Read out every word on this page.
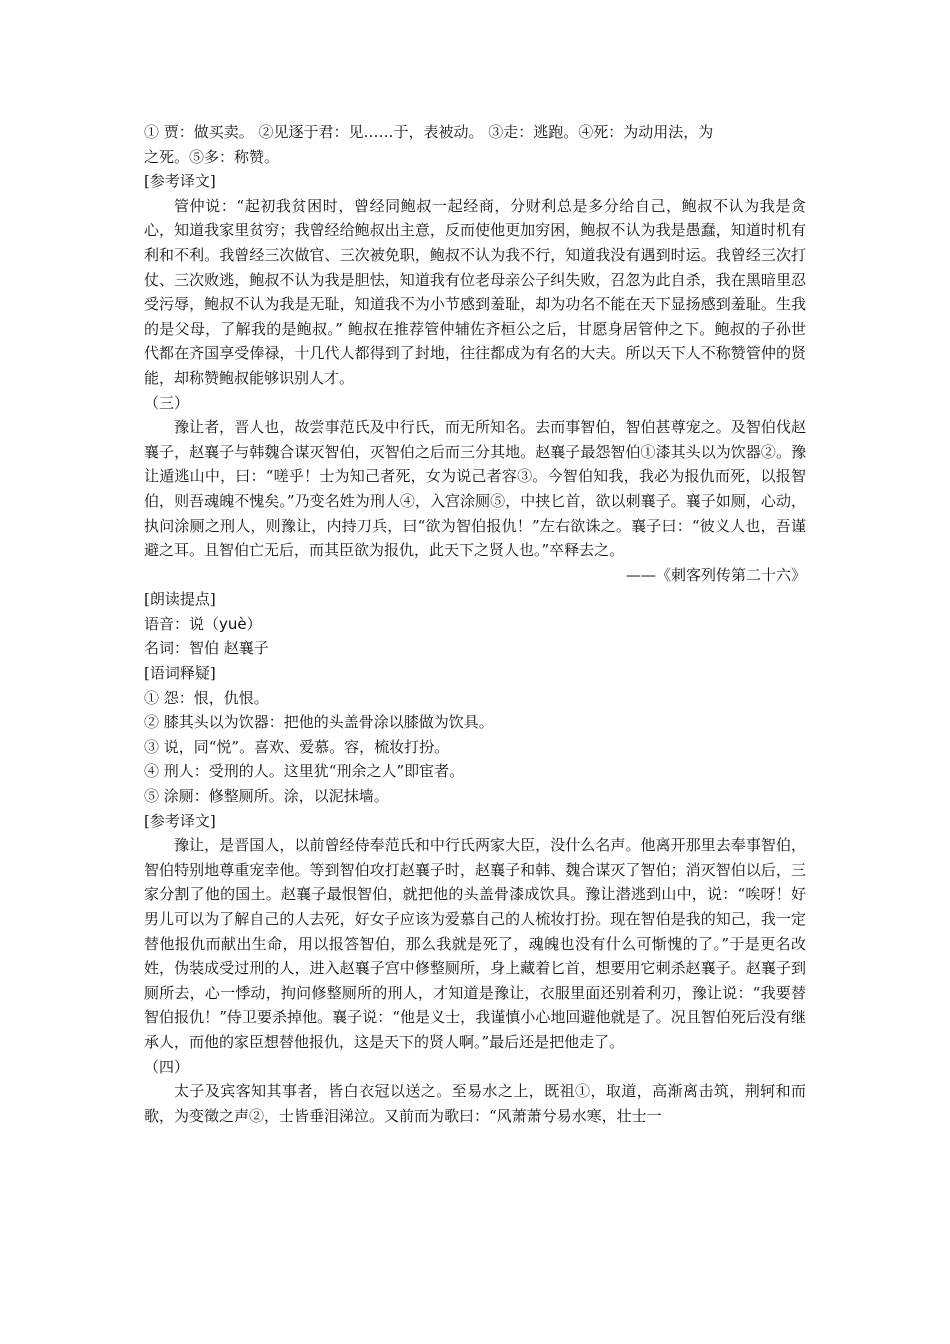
① 贾：做买卖。 ②见逐于君：见……于，表被动。 ③走：逃跑。④死：为动用法，为

之死。⑤多：称赞。

[参考译文]

管仲说：“起初我贫困时，曾经同鲍叔一起经商，分财利总是多分给自己，鲍叔不认为我是贪心，知道我家里贫穷；我曾经给鲍叔出主意，反而使他更加穷困，鲍叔不认为我是愚蠢，知道时机有利和不利。我曾经三次做官、三次被免职，鲍叔不认为我不行，知道我没有遇到时运。我曾经三次打仗、三次败逃，鲍叔不认为我是胆怯，知道我有位老母亲公子纠失败，召忽为此自杀，我在黑暗里忍受污辱，鲍叔不认为我是无耻，知道我不为小节感到羞耻，却为功名不能在天下显扬感到羞耻。生我的是父母，了解我的是鲍叔。” 鲍叔在推荐管仲辅佐齐桓公之后，甘愿身居管仲之下。鲍叔的子孙世代都在齐国享受俸禄，十几代人都得到了封地，往往都成为有名的大夫。所以天下人不称赞管仲的贤能，却称赞鲍叔能够识别人才。

（三）

豫让者，晋人也，故尝事范氏及中行氏，而无所知名。去而事智伯，智伯甚尊宠之。及智伯伐赵襄子，赵襄子与韩魏合谋灭智伯，灭智伯之后而三分其地。赵襄子最怨智伯①漆其头以为饮器②。豫让遁逃山中，曰：“嗟乎！士为知己者死，女为说己者容③。今智伯知我，我必为报仇而死，以报智伯，则吾魂魄不愧矣。”乃变名姓为刑人④，入宫涂厕⑤，中挟匕首，欲以刺襄子。襄子如厕，心动，执问涂厕之刑人，则豫让，内持刀兵，曰“欲为智伯报仇！”左右欲诛之。襄子曰：“彼义人也，吾谨避之耳。且智伯亡无后，而其臣欲为报仇，此天下之贤人也。”卒释去之。

——《刺客列传第二十六》

[朗读提点]

语音：说（yuè）

名词：智伯 赵襄子

[语词释疑]

① 怨：恨，仇恨。

② 膝其头以为饮器：把他的头盖骨涂以膝做为饮具。

③ 说，同“悦”。喜欢、爱慕。容，梳妆打扮。

④ 刑人：受刑的人。这里犹“刑余之人”即宦者。

⑤ 涂厕：修整厕所。涂，以泥抹墙。

[参考译文]

豫让，是晋国人，以前曾经侍奉范氏和中行氏两家大臣，没什么名声。他离开那里去奉事智伯，智伯特别地尊重宠幸他。等到智伯攻打赵襄子时，赵襄子和韩、魏合谋灭了智伯；消灭智伯以后，三家分割了他的国土。赵襄子最恨智伯，就把他的头盖骨漆成饮具。豫让潜逃到山中，说：“唉呀！好男儿可以为了解自己的人去死，好女子应该为爱慕自己的人梳妆打扮。现在智伯是我的知己，我一定替他报仇而献出生命，用以报答智伯，那么我就是死了，魂魄也没有什么可惭愧的了。”于是更名改姓，伪装成受过刑的人，进入赵襄子宫中修整厕所，身上藏着匕首，想要用它刺杀赵襄子。赵襄子到厕所去，心一悸动，拘问修整厕所的刑人，才知道是豫让，衣服里面还别着利刃，豫让说：“我要替智伯报仇！”侍卫要杀掉他。襄子说：“他是义士，我谨慎小心地回避他就是了。况且智伯死后没有继承人，而他的家臣想替他报仇，这是天下的贤人啊。”最后还是把他走了。

（四）

太子及宾客知其事者，皆白衣冠以送之。至易水之上，既祖①，取道，高渐离击筑，荆轲和而歌，为变徵之声②，士皆垂泪涕泣。又前而为歌曰：“风萧萧兮易水寒，壮士一
